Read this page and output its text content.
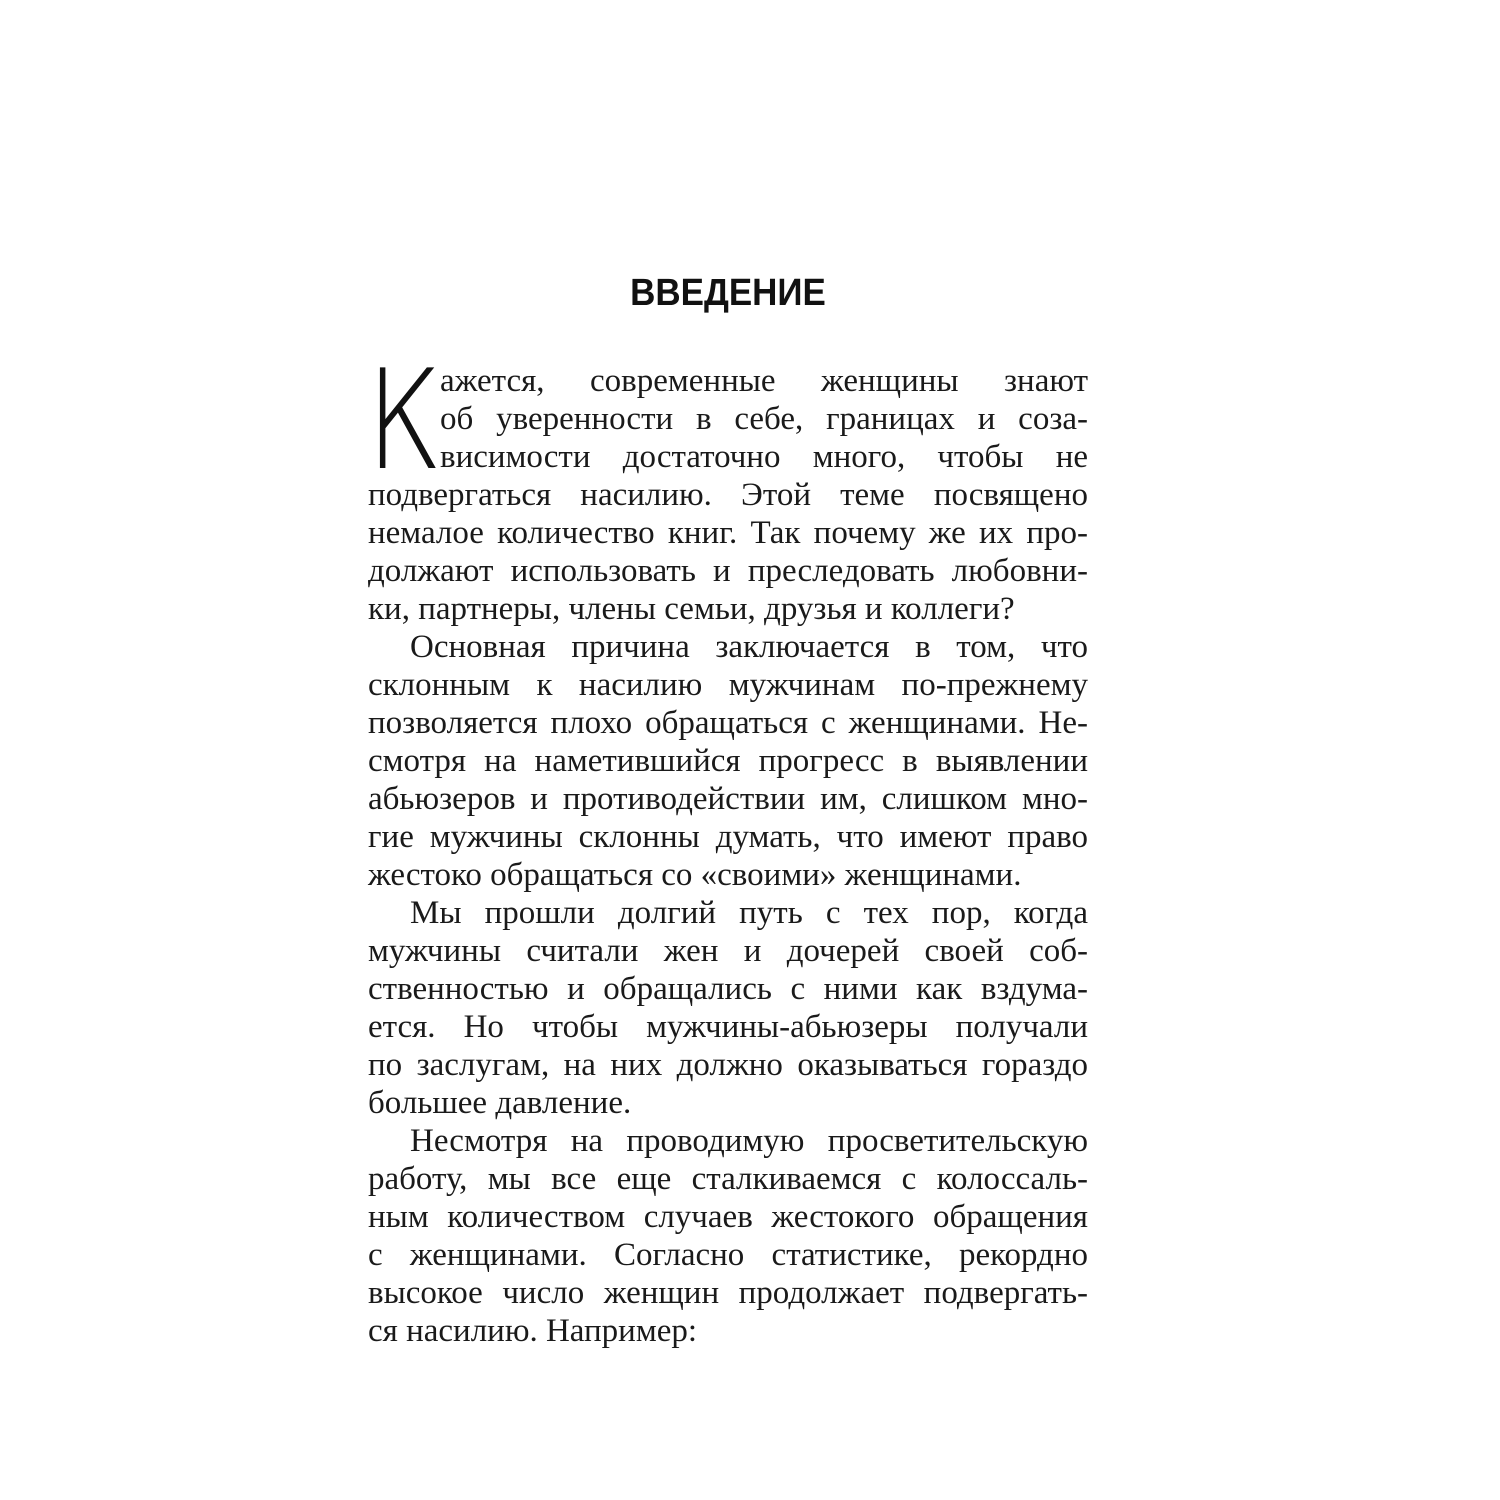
ВВЕДЕНИЕ
К
ажется, современные женщины знают
об уверенности в себе, границах и соза-
висимости достаточно много, чтобы не
подвергаться насилию. Этой теме посвящено
немалое количество книг. Так почему же их про-
должают использовать и преследовать любовни-
ки, партнеры, члены семьи, друзья и коллеги?
Основная причина заключается в том, что
склонным к насилию мужчинам по-прежнему
позволяется плохо обращаться с женщинами. Не-
смотря на наметившийся прогресс в выявлении
абьюзеров и противодействии им, слишком мно-
гие мужчины склонны думать, что имеют право
жестоко обращаться со «своими» женщинами.
Мы прошли долгий путь с тех пор, когда
мужчины считали жен и дочерей своей соб-
ственностью и обращались с ними как вздума-
ется. Но чтобы мужчины-абьюзеры получали
по заслугам, на них должно оказываться гораздо
большее давление.
Несмотря на проводимую просветительскую
работу, мы все еще сталкиваемся с колоссаль-
ным количеством случаев жестокого обращения
с женщинами. Согласно статистике, рекордно
высокое число женщин продолжает подвергать-
ся насилию. Например:
